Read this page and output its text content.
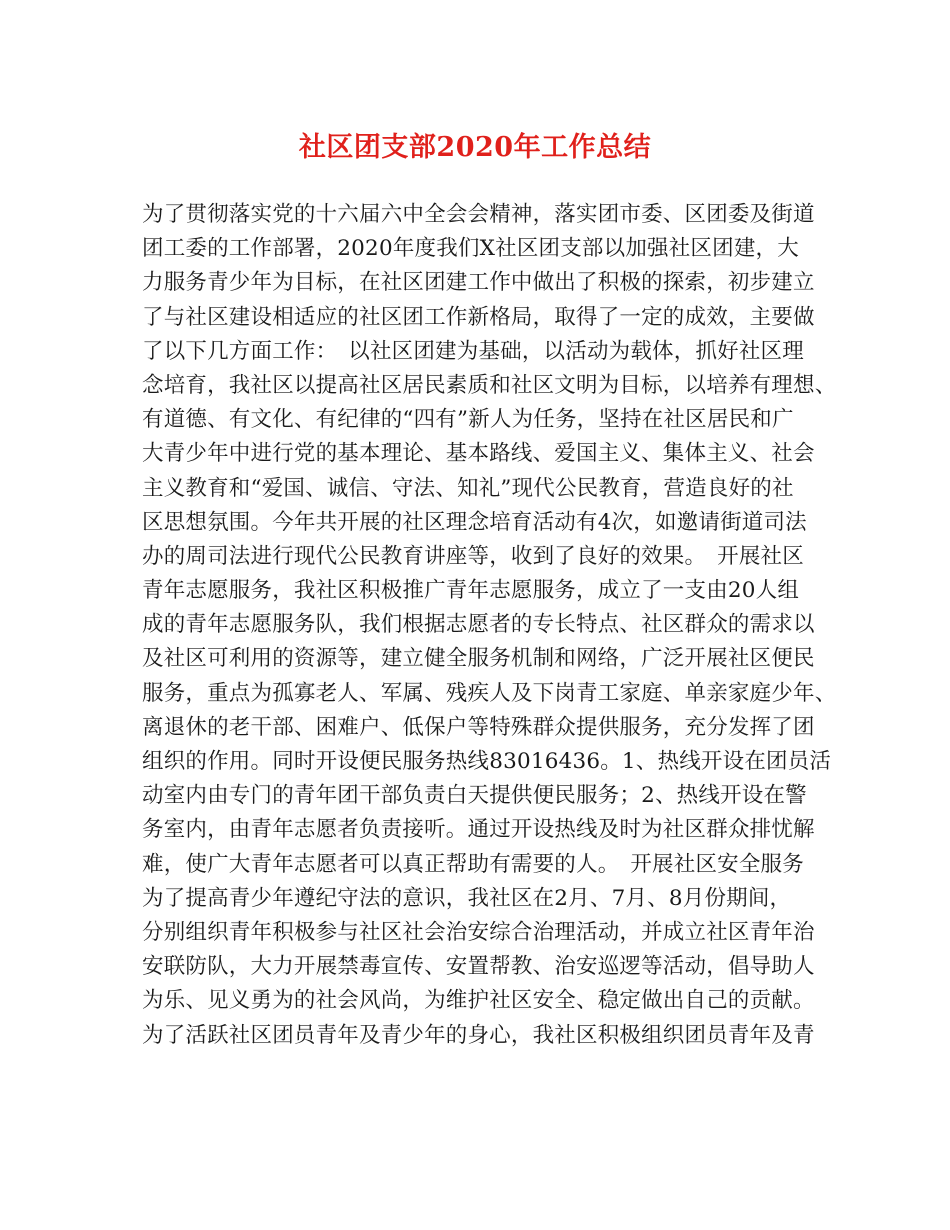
社区团支部2020年工作总结
为了贯彻落实党的十六届六中全会会精神，落实团市委、区团委及街道
团工委的工作部署，2020年度我们X社区团支部以加强社区团建，大
力服务青少年为目标，在社区团建工作中做出了积极的探索，初步建立
了与社区建设相适应的社区团工作新格局，取得了一定的成效，主要做
了以下几方面工作：　以社区团建为基础，以活动为载体，抓好社区理
念培育，我社区以提高社区居民素质和社区文明为目标，以培养有理想、
有道德、有文化、有纪律的“四有”新人为任务，坚持在社区居民和广
大青少年中进行党的基本理论、基本路线、爱国主义、集体主义、社会
主义教育和“爱国、诚信、守法、知礼”现代公民教育，营造良好的社
区思想氛围。今年共开展的社区理念培育活动有4次，如邀请街道司法
办的周司法进行现代公民教育讲座等，收到了良好的效果。　开展社区
青年志愿服务，我社区积极推广青年志愿服务，成立了一支由20人组
成的青年志愿服务队，我们根据志愿者的专长特点、社区群众的需求以
及社区可利用的资源等，建立健全服务机制和网络，广泛开展社区便民
服务，重点为孤寡老人、军属、残疾人及下岗青工家庭、单亲家庭少年、
离退休的老干部、困难户、低保户等特殊群众提供服务，充分发挥了团
组织的作用。同时开设便民服务热线83016436。1、热线开设在团员活
动室内由专门的青年团干部负责白天提供便民服务；2、热线开设在警
务室内，由青年志愿者负责接听。通过开设热线及时为社区群众排忧解
难，使广大青年志愿者可以真正帮助有需要的人。　开展社区安全服务
为了提高青少年遵纪守法的意识，我社区在2月、7月、8月份期间，
分别组织青年积极参与社区社会治安综合治理活动，并成立社区青年治
安联防队，大力开展禁毒宣传、安置帮教、治安巡逻等活动，倡导助人
为乐、见义勇为的社会风尚，为维护社区安全、稳定做出自己的贡献。
为了活跃社区团员青年及青少年的身心，我社区积极组织团员青年及青
